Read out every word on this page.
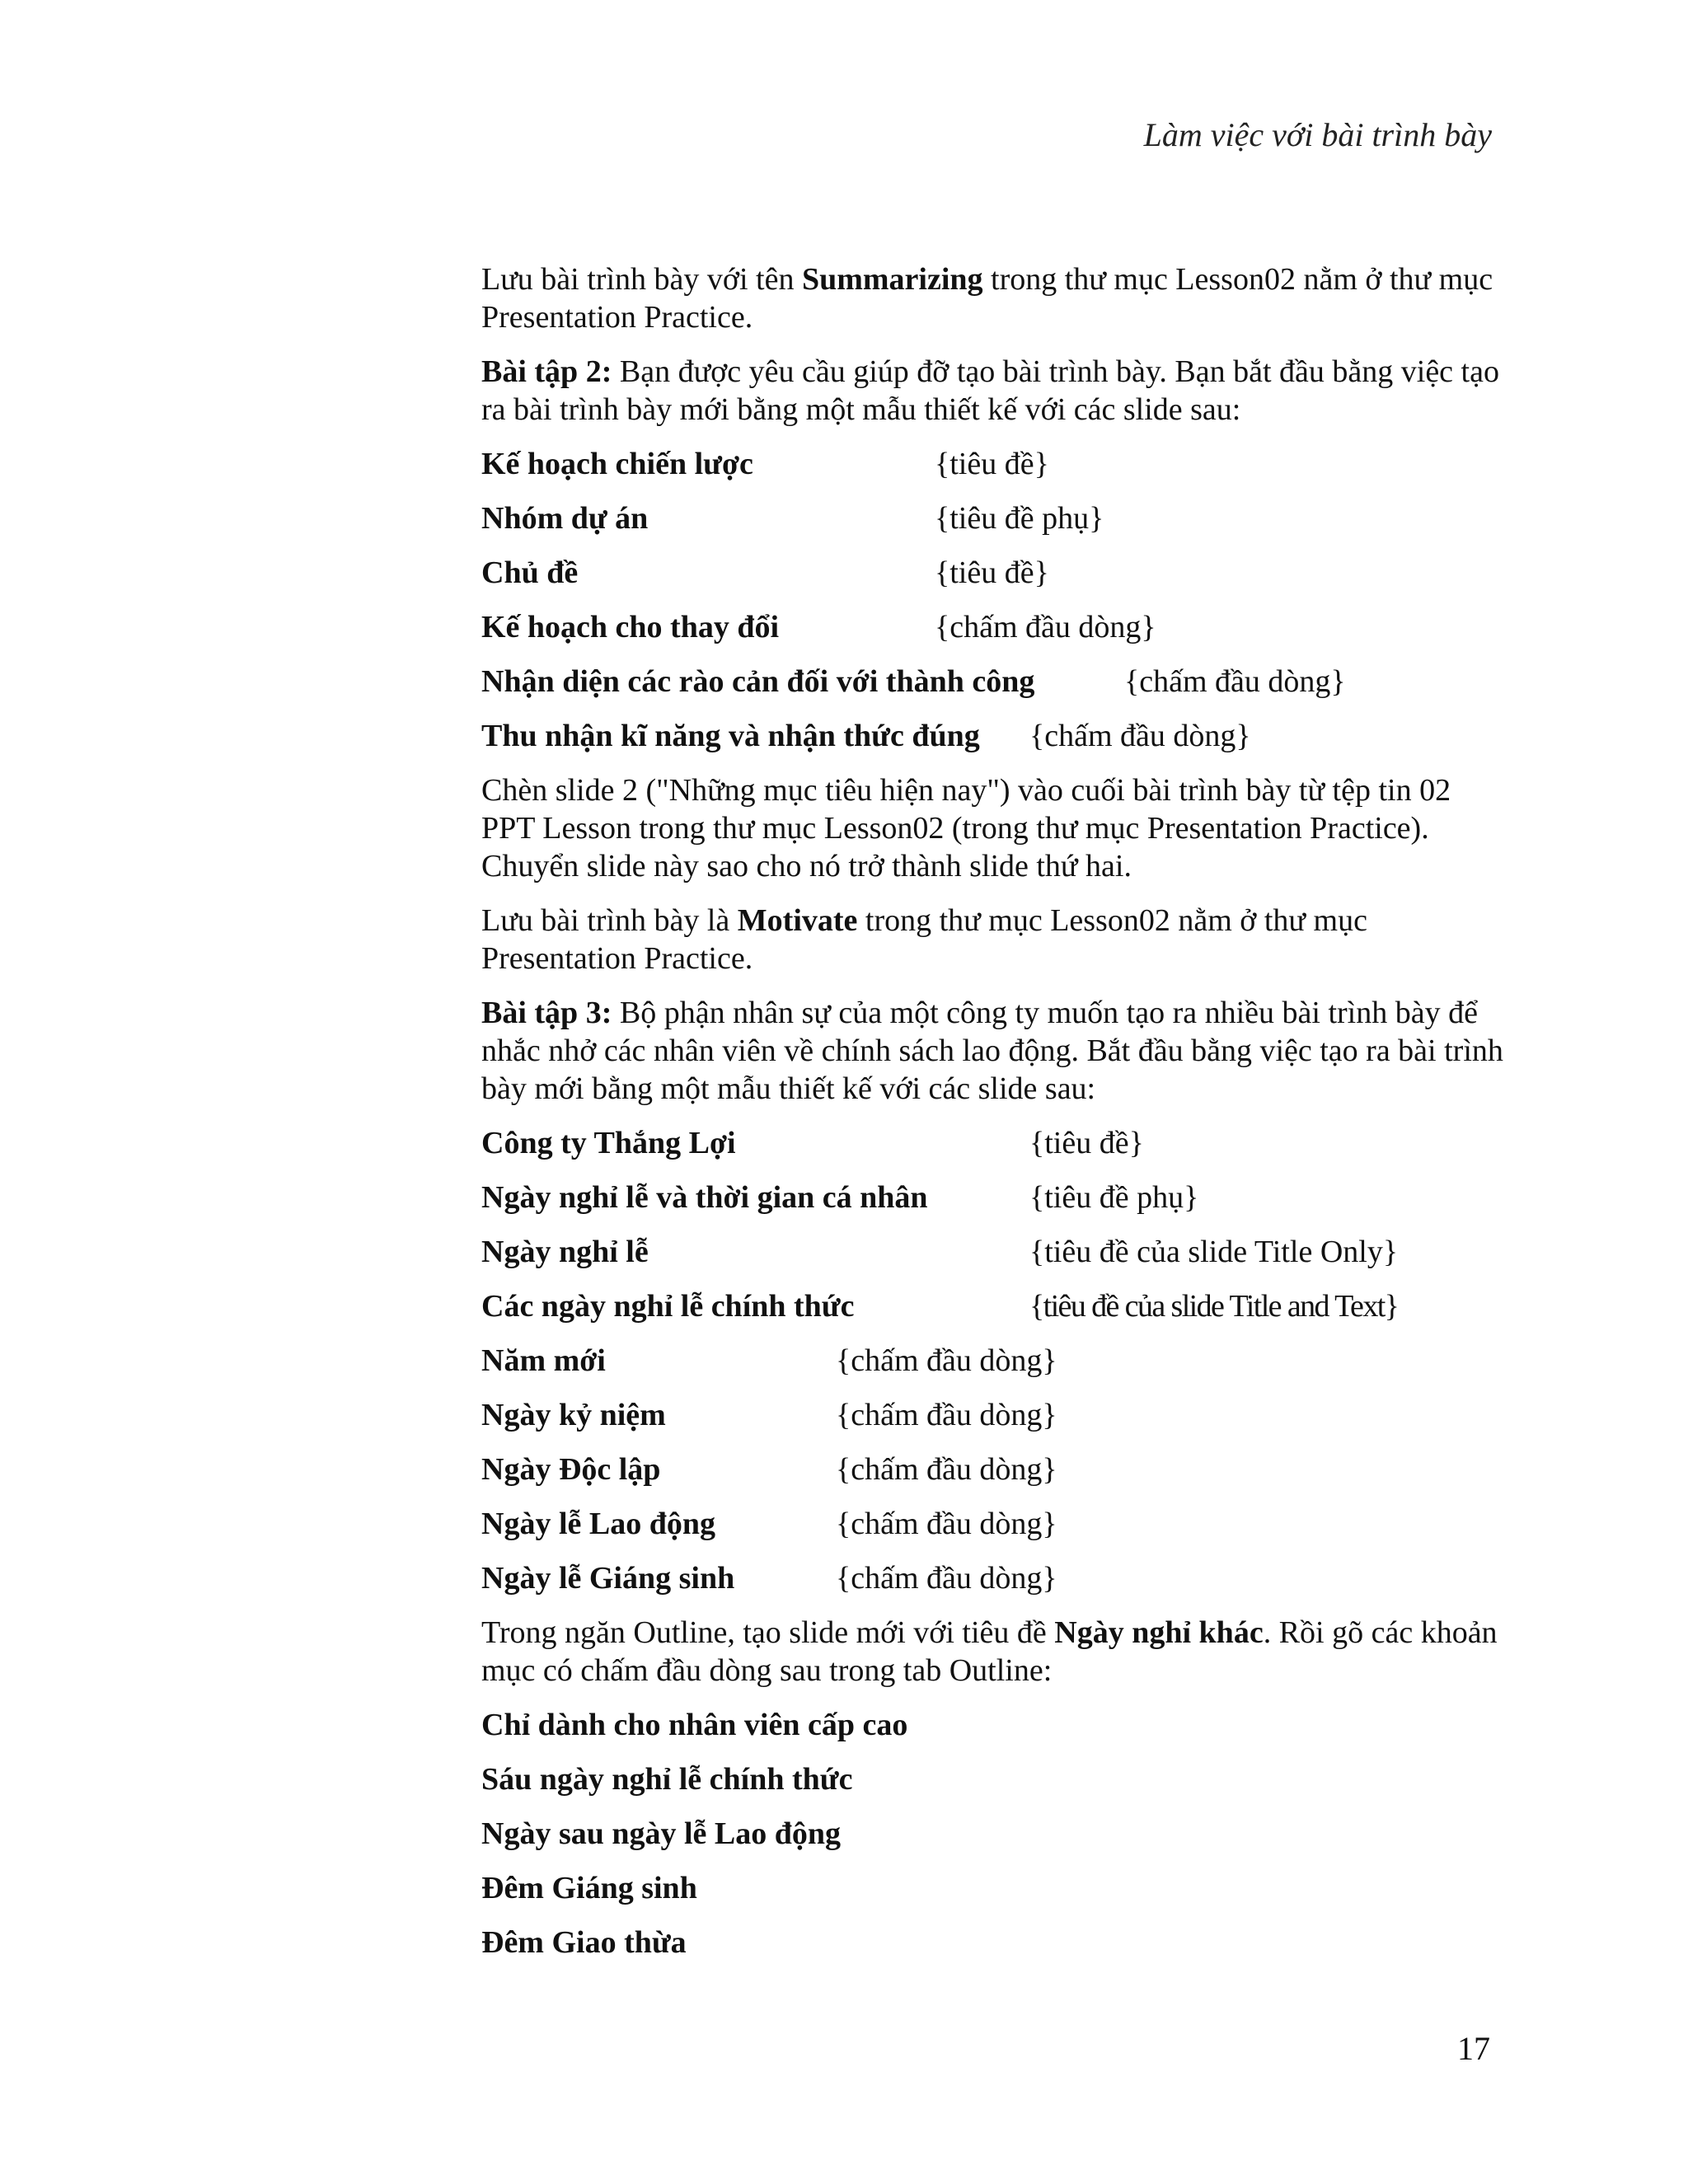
Làm việc với bài trình bày

Lưu bài trình bày với tên Summarizing trong thư mục Lesson02 nằm ở thư mục Presentation Practice.

Bài tập 2: Bạn được yêu cầu giúp đỡ tạo bài trình bày. Bạn bắt đầu bằng việc tạo ra bài trình bày mới bằng một mẫu thiết kế với các slide sau:

Kế hoạch chiến lược	{tiêu đề}
Nhóm dự án	{tiêu đề phụ}
Chủ đề	{tiêu đề}
Kế hoạch cho thay đổi	{chấm đầu dòng}
Nhận diện các rào cản đối với thành công	{chấm đầu dòng}
Thu nhận kĩ năng và nhận thức đúng	{chấm đầu dòng}

Chèn slide 2 ("Những mục tiêu hiện nay") vào cuối bài trình bày từ tệp tin 02 PPT Lesson trong thư mục Lesson02 (trong thư mục Presentation Practice). Chuyển slide này sao cho nó trở thành slide thứ hai.

Lưu bài trình bày là Motivate trong thư mục Lesson02 nằm ở thư mục Presentation Practice.

Bài tập 3: Bộ phận nhân sự của một công ty muốn tạo ra nhiều bài trình bày để nhắc nhở các nhân viên về chính sách lao động. Bắt đầu bằng việc tạo ra bài trình bày mới bằng một mẫu thiết kế với các slide sau:

Công ty Thắng Lợi	{tiêu đề}
Ngày nghỉ lễ và thời gian cá nhân	{tiêu đề phụ}
Ngày nghỉ lễ	{tiêu đề của slide Title Only}
Các ngày nghỉ lễ chính thức	{tiêu đề của slide Title and Text}
Năm mới	{chấm đầu dòng}
Ngày kỷ niệm	{chấm đầu dòng}
Ngày Độc lập	{chấm đầu dòng}
Ngày lễ Lao động	{chấm đầu dòng}
Ngày lễ Giáng sinh	{chấm đầu dòng}

Trong ngăn Outline, tạo slide mới với tiêu đề Ngày nghỉ khác. Rồi gõ các khoản mục có chấm đầu dòng sau trong tab Outline:

Chỉ dành cho nhân viên cấp cao
Sáu ngày nghỉ lễ chính thức
Ngày sau ngày lễ Lao động
Đêm Giáng sinh
Đêm Giao thừa
17
